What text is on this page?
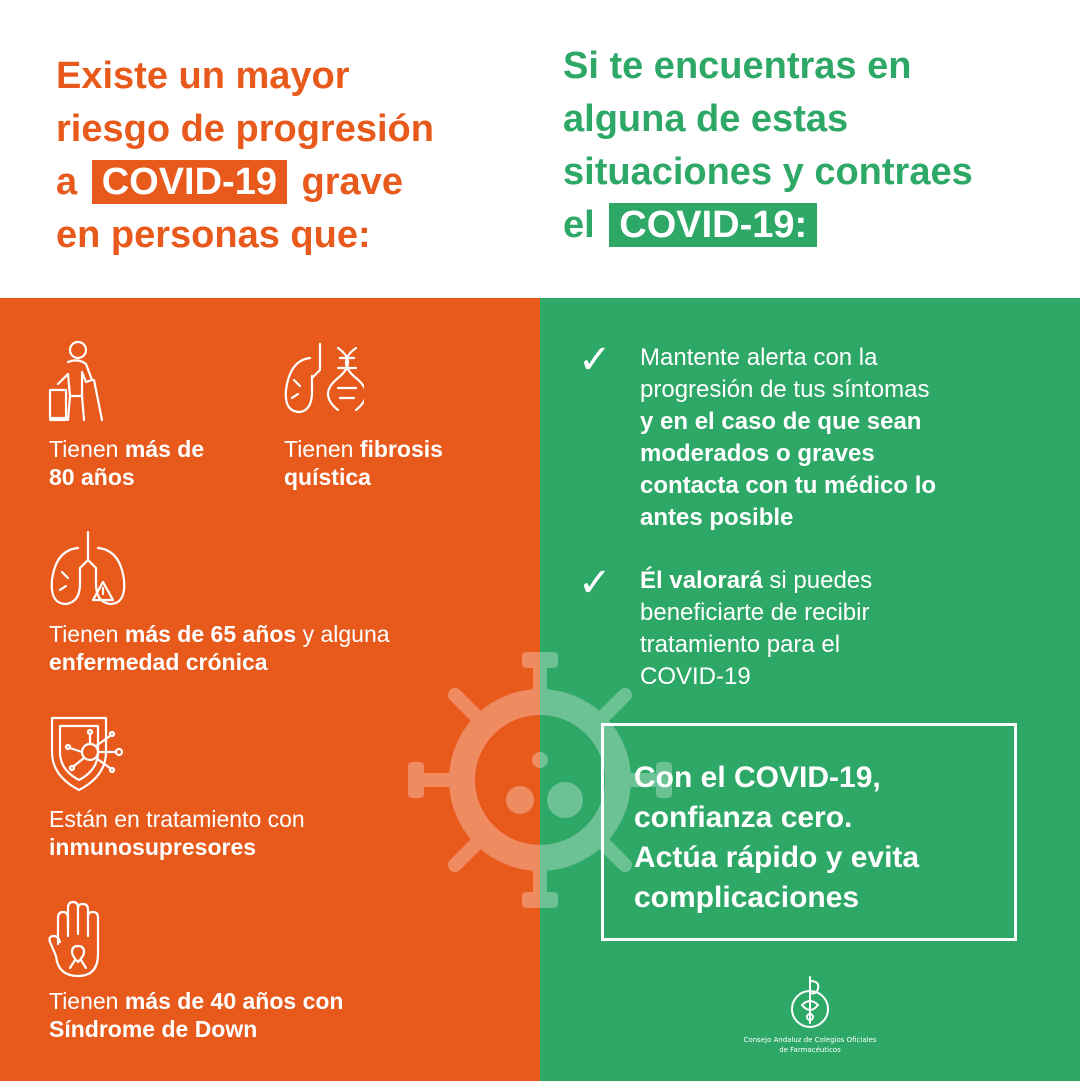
Existe un mayor
riesgo de progresión
a COVID-19 grave
en personas que:
Si te encuentras en
alguna de estas
situaciones y contraes
el COVID-19:
Tienen más de
80 años
Tienen fibrosis
quística
Tienen más de 65 años y alguna
enfermedad crónica
Están en tratamiento con
inmunosupresores
Tienen más de 40 años con
Síndrome de Down
✓ Mantente alerta con la
progresión de tus síntomas
y en el caso de que sean
moderados o graves
contacta con tu médico lo
antes posible
✓ Él valorará si puedes
beneficiarte de recibir
tratamiento para el
COVID-19
Con el COVID-19,
confianza cero.
Actúa rápido y evita
complicaciones
Consejo Andaluz de Colegios Oficiales
de Farmacéuticos
